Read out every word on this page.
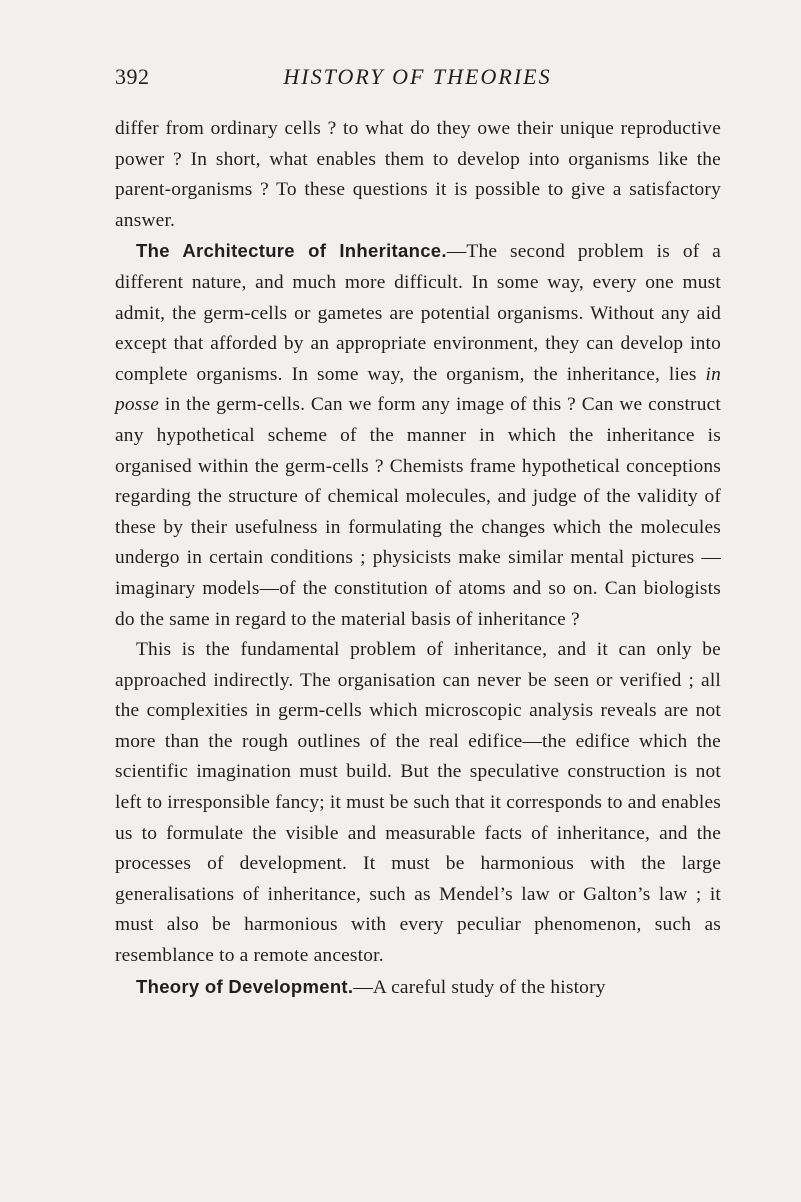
392	HISTORY OF THEORIES

differ from ordinary cells ? to what do they owe their unique reproductive power ? In short, what enables them to develop into organisms like the parent-organisms ? To these questions it is possible to give a satisfactory answer.

The Architecture of Inheritance.—The second problem is of a different nature, and much more difficult. In some way, every one must admit, the germ-cells or gametes are potential organisms. Without any aid except that afforded by an appropriate environment, they can develop into complete organisms. In some way, the organism, the inheritance, lies in posse in the germ-cells. Can we form any image of this ? Can we construct any hypothetical scheme of the manner in which the inheritance is organised within the germ-cells ? Chemists frame hypothetical conceptions regarding the structure of chemical molecules, and judge of the validity of these by their usefulness in formulating the changes which the molecules undergo in certain conditions ; physicists make similar mental pictures —imaginary models—of the constitution of atoms and so on. Can biologists do the same in regard to the material basis of inheritance ?

This is the fundamental problem of inheritance, and it can only be approached indirectly. The organisation can never be seen or verified ; all the complexities in germ-cells which microscopic analysis reveals are not more than the rough outlines of the real edifice—the edifice which the scientific imagination must build. But the speculative construction is not left to irresponsible fancy; it must be such that it corresponds to and enables us to formulate the visible and measurable facts of inheritance, and the processes of development. It must be harmonious with the large generalisations of inheritance, such as Mendel’s law or Galton’s law ; it must also be harmonious with every peculiar phenomenon, such as resemblance to a remote ancestor.

Theory of Development.—A careful study of the history
